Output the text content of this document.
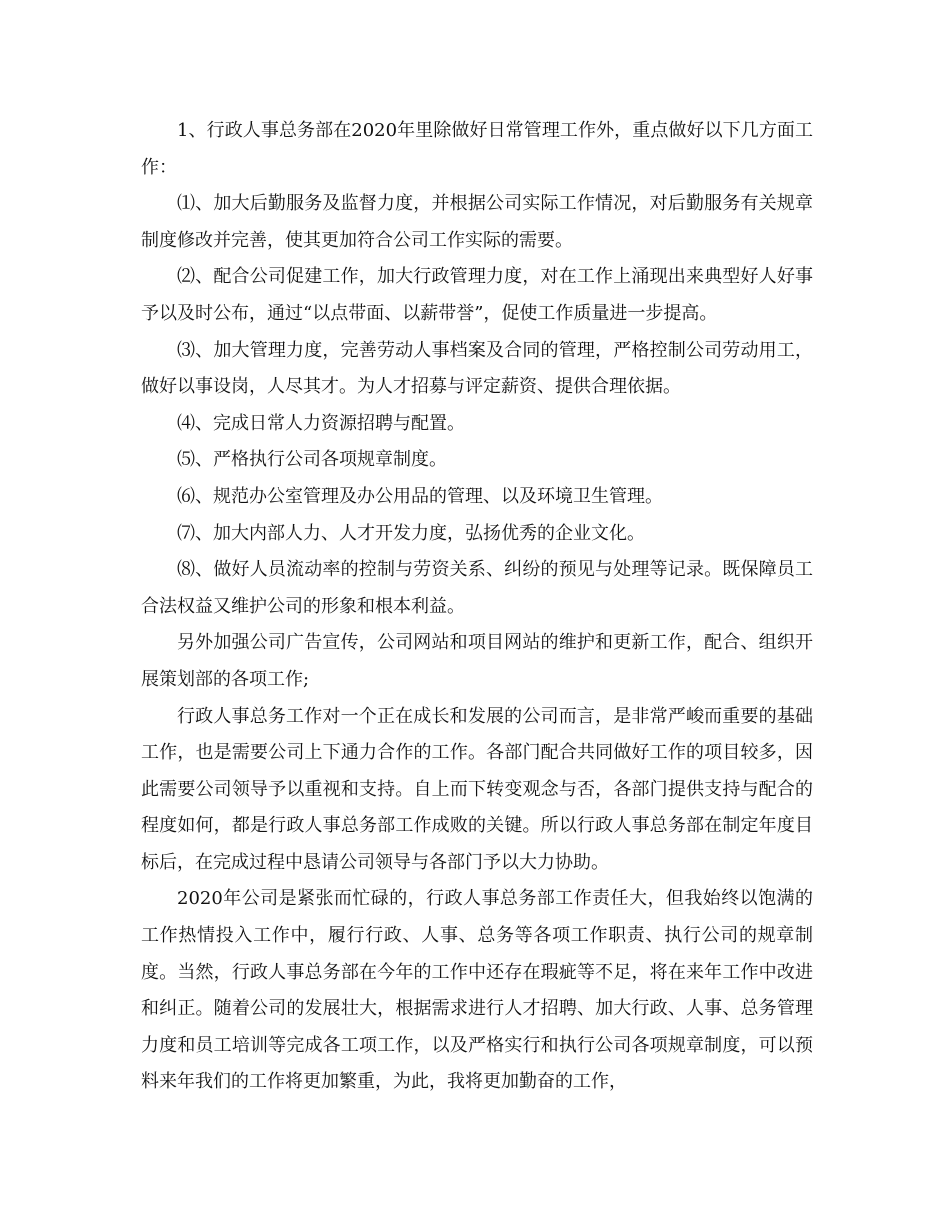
1、行政人事总务部在2020年里除做好日常管理工作外，重点做好以下几方面工作：

⑴、加大后勤服务及监督力度，并根据公司实际工作情况，对后勤服务有关规章制度修改并完善，使其更加符合公司工作实际的需要。

⑵、配合公司促建工作，加大行政管理力度，对在工作上涌现出来典型好人好事予以及时公布，通过“以点带面、以薪带誉”，促使工作质量进一步提高。

⑶、加大管理力度，完善劳动人事档案及合同的管理，严格控制公司劳动用工，做好以事设岗，人尽其才。为人才招募与评定薪资、提供合理依据。

⑷、完成日常人力资源招聘与配置。

⑸、严格执行公司各项规章制度。

⑹、规范办公室管理及办公用品的管理、以及环境卫生管理。

⑺、加大内部人力、人才开发力度，弘扬优秀的企业文化。

⑻、做好人员流动率的控制与劳资关系、纠纷的预见与处理等记录。既保障员工合法权益又维护公司的形象和根本利益。

另外加强公司广告宣传，公司网站和项目网站的维护和更新工作，配合、组织开展策划部的各项工作;

行政人事总务工作对一个正在成长和发展的公司而言，是非常严峻而重要的基础工作，也是需要公司上下通力合作的工作。各部门配合共同做好工作的项目较多，因此需要公司领导予以重视和支持。自上而下转变观念与否，各部门提供支持与配合的程度如何，都是行政人事总务部工作成败的关键。所以行政人事总务部在制定年度目标后，在完成过程中恳请公司领导与各部门予以大力协助。

2020年公司是紧张而忙碌的，行政人事总务部工作责任大，但我始终以饱满的工作热情投入工作中，履行行政、人事、总务等各项工作职责、执行公司的规章制度。当然，行政人事总务部在今年的工作中还存在瑕疵等不足，将在来年工作中改进和纠正。随着公司的发展壮大，根据需求进行人才招聘、加大行政、人事、总务管理力度和员工培训等完成各工项工作，以及严格实行和执行公司各项规章制度，可以预料来年我们的工作将更加繁重，为此，我将更加勤奋的工作，
